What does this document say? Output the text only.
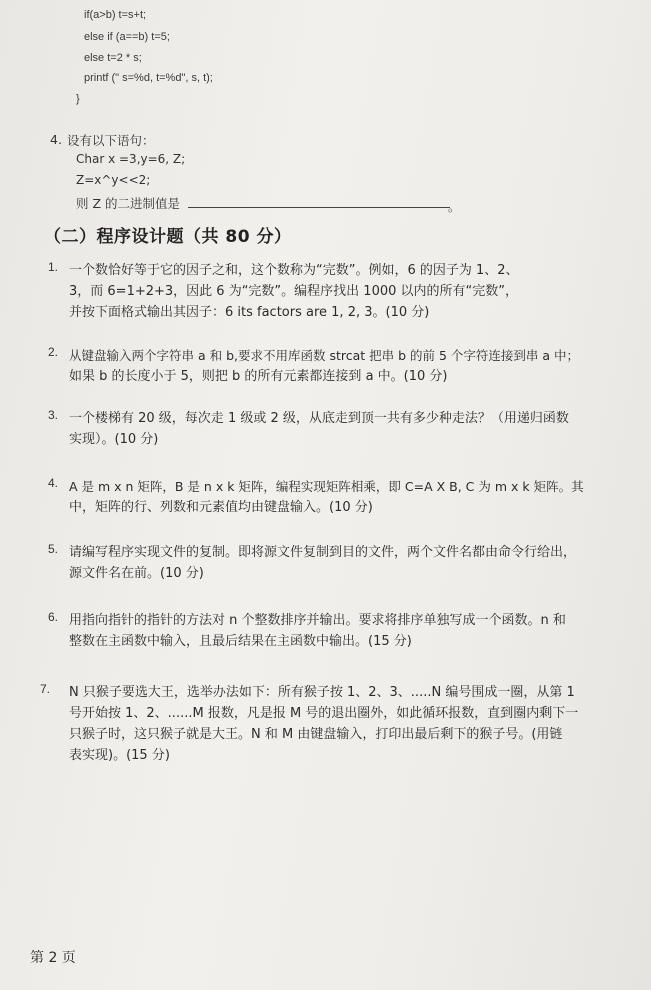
if(a>b) t=s+t;
else if (a==b) t=5;
else t=2 * s;
printf (" s=%d, t=%d", s, t);
}
4. 设有以下语句：
Char x =3,y=6, Z;
Z=x^y<<2;
则 Z 的二进制值是	。
（二）程序设计题（共 80 分）
1. 一个数恰好等于它的因子之和，这个数称为“完数”。例如，6 的因子为 1、2、
3，而 6=1+2+3，因此 6 为“完数”。编程序找出 1000 以内的所有“完数”，
并按下面格式输出其因子：6 its factors are 1, 2, 3。(10 分)
2. 从键盘输入两个字符串 a 和 b,要求不用库函数 strcat 把串 b 的前 5 个字符连接到串 a 中；
如果 b 的长度小于 5，则把 b 的所有元素都连接到 a 中。(10 分)
3. 一个楼梯有 20 级，每次走 1 级或 2 级，从底走到顶一共有多少种走法？（用递归函数
实现）。(10 分)
4. A 是 m x n 矩阵，B 是 n x k 矩阵，编程实现矩阵相乘，即 C=A X B, C 为 m x k 矩阵。其
中，矩阵的行、列数和元素值均由键盘输入。(10 分)
5. 请编写程序实现文件的复制。即将源文件复制到目的文件，两个文件名都由命令行给出，
源文件名在前。(10 分)
6. 用指向指针的指针的方法对 n 个整数排序并输出。要求将排序单独写成一个函数。n 和
整数在主函数中输入，且最后结果在主函数中输出。(15 分)
7. N 只猴子要选大王，选举办法如下：所有猴子按 1、2、3、.....N 编号围成一圈，从第 1
号开始按 1、2、......M 报数，凡是报 M 号的退出圈外，如此循环报数，直到圈内剩下一
只猴子时，这只猴子就是大王。N 和 M 由键盘输入，打印出最后剩下的猴子号。(用链
表实现)。(15 分)
第 2 页
